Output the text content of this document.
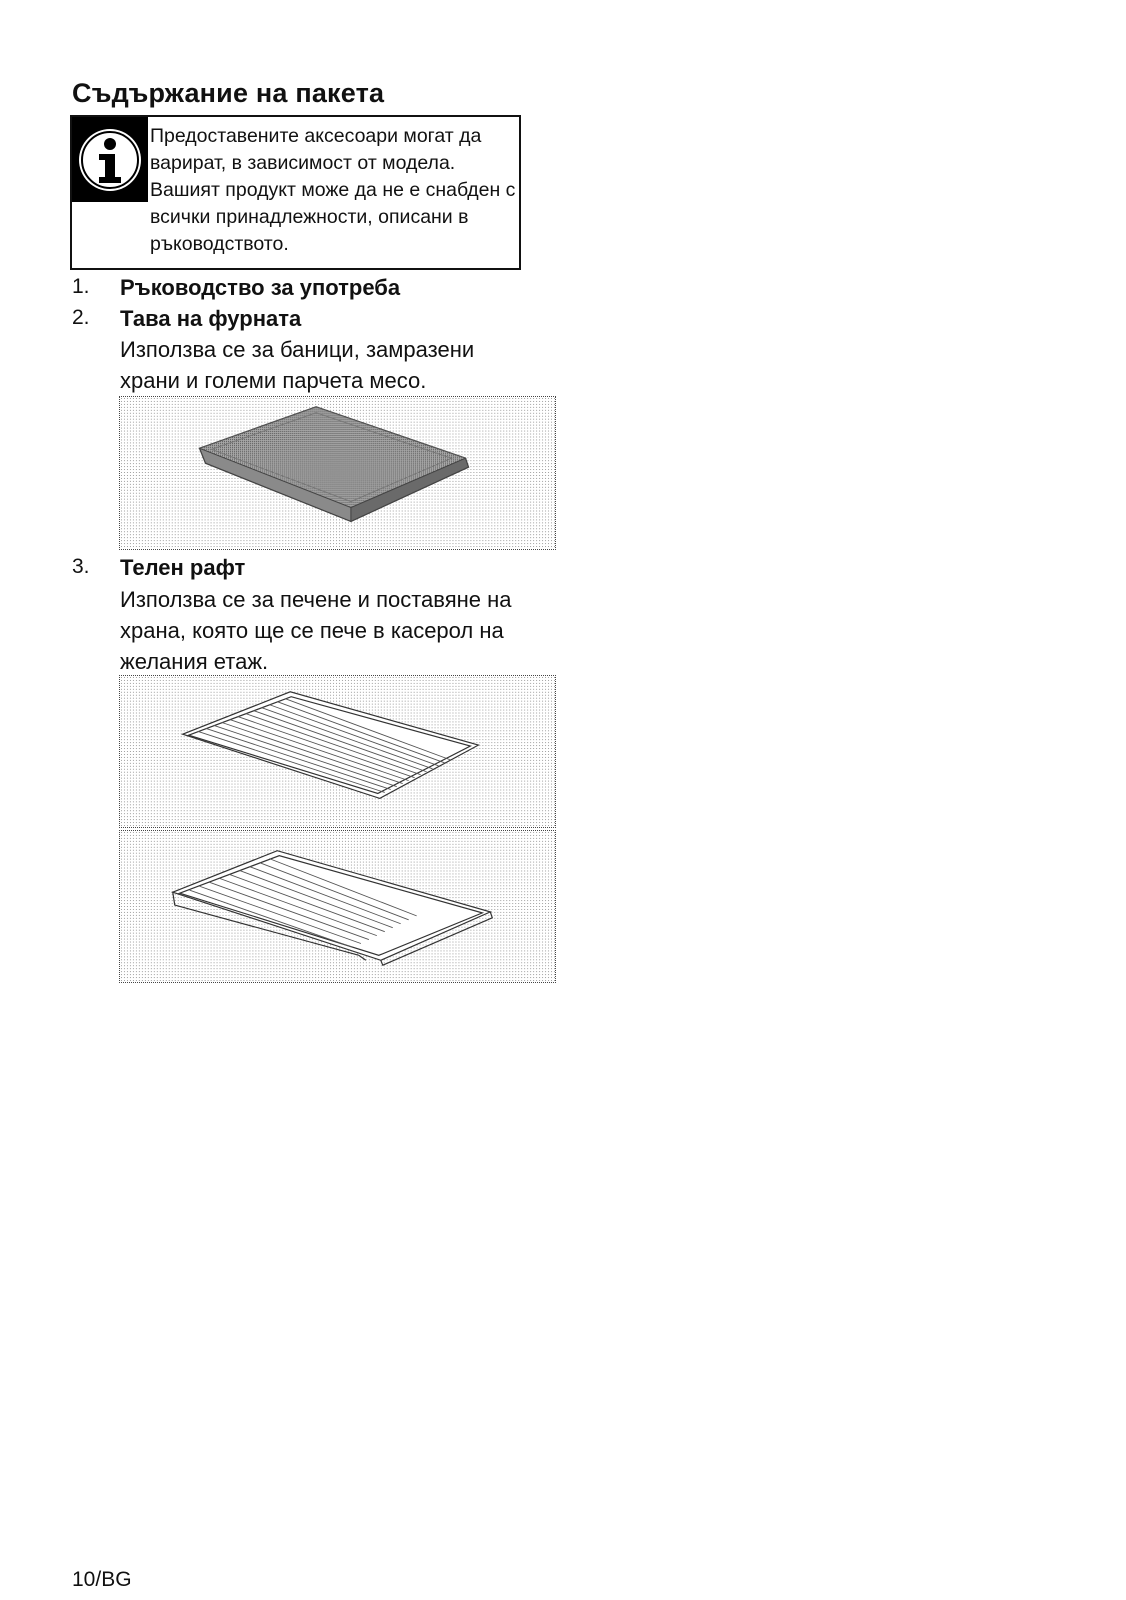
Съдържание на пакета
Предоставените аксесоари могат да
варират, в зависимост от модела.
Вашият продукт може да не е снабден с
всички принадлежности, описани в
ръководството.
1. Ръководство за употреба
2. Тава на фурната
Използва се за баници, замразени
храни и големи парчета месо.
3. Телен рафт
Използва се за печене и поставяне на
храна, която ще се пече в касерол на
желания етаж.
10/BG
